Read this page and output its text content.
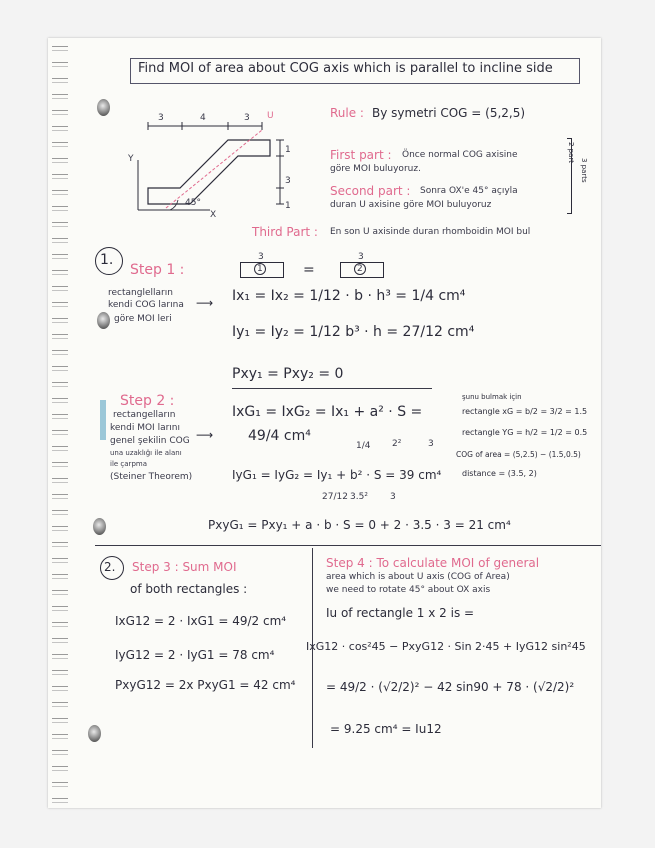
Find MOI of area about COG axis which is parallel to incline side
3	4	3 U
Y
X
1
3
1
45°
Rule : By symetri COG = (5,2,5)
First part : Önce normal COG axisine
göre MOI buluyoruz.
Second part : Sonra OX'e 45° açıyla
duran U axisine göre MOI buluyoruz
2 part
3 parts
Third Part : En son U axisinde duran rhomboidin MOI bul
1.
Step 1 :
3
1	=
3
2
rectanglelların
kendi COG larına
göre MOI leri
⟶ Ix₁ = Ix₂ = 1/12 · b · h³ = 1/4 cm⁴
Iy₁ = Iy₂ = 1/12 b³ · h = 27/12 cm⁴
Pxy₁ = Pxy₂ = 0
Step 2 :
rectangelların
kendi MOI larını
genel şekilin COG
una uzaklığı ile alanı
ile çarpma
(Steiner Theorem)
⟶
IxG₁ = IxG₂ = Ix₁ + a² · S =
49/4 cm⁴
1/4 2²	3
IyG₁ = IyG₂ = Iy₁ + b² · S = 39 cm⁴
27/12 3.5² 3
şunu bulmak için
rectangle xG = b/2 = 3/2 = 1.5
rectangle YG = h/2 = 1/2 = 0.5
COG of area = (5,2.5) − (1.5,0.5)
distance = (3.5, 2)
PxyG₁ = Pxy₁ + a · b · S = 0 + 2 · 3.5 · 3 = 21 cm⁴
2. Step 3 : Sum MOI
of both rectangles :
IxG12 = 2 · IxG1 = 49/2 cm⁴
IyG12 = 2 · IyG1 = 78 cm⁴
PxyG12 = 2x PxyG1 = 42 cm⁴
Step 4 : To calculate MOI of general
area which is about U axis (COG of Area)
we need to rotate 45° about OX axis
Iu of rectangle 1 x 2 is =
IxG12 · cos²45 − PxyG12 · Sin 2·45 + IyG12 sin²45
= 49/2 · (√2/2)² − 42 sin90 + 78 · (√2/2)²
= 9.25 cm⁴ = Iu12
